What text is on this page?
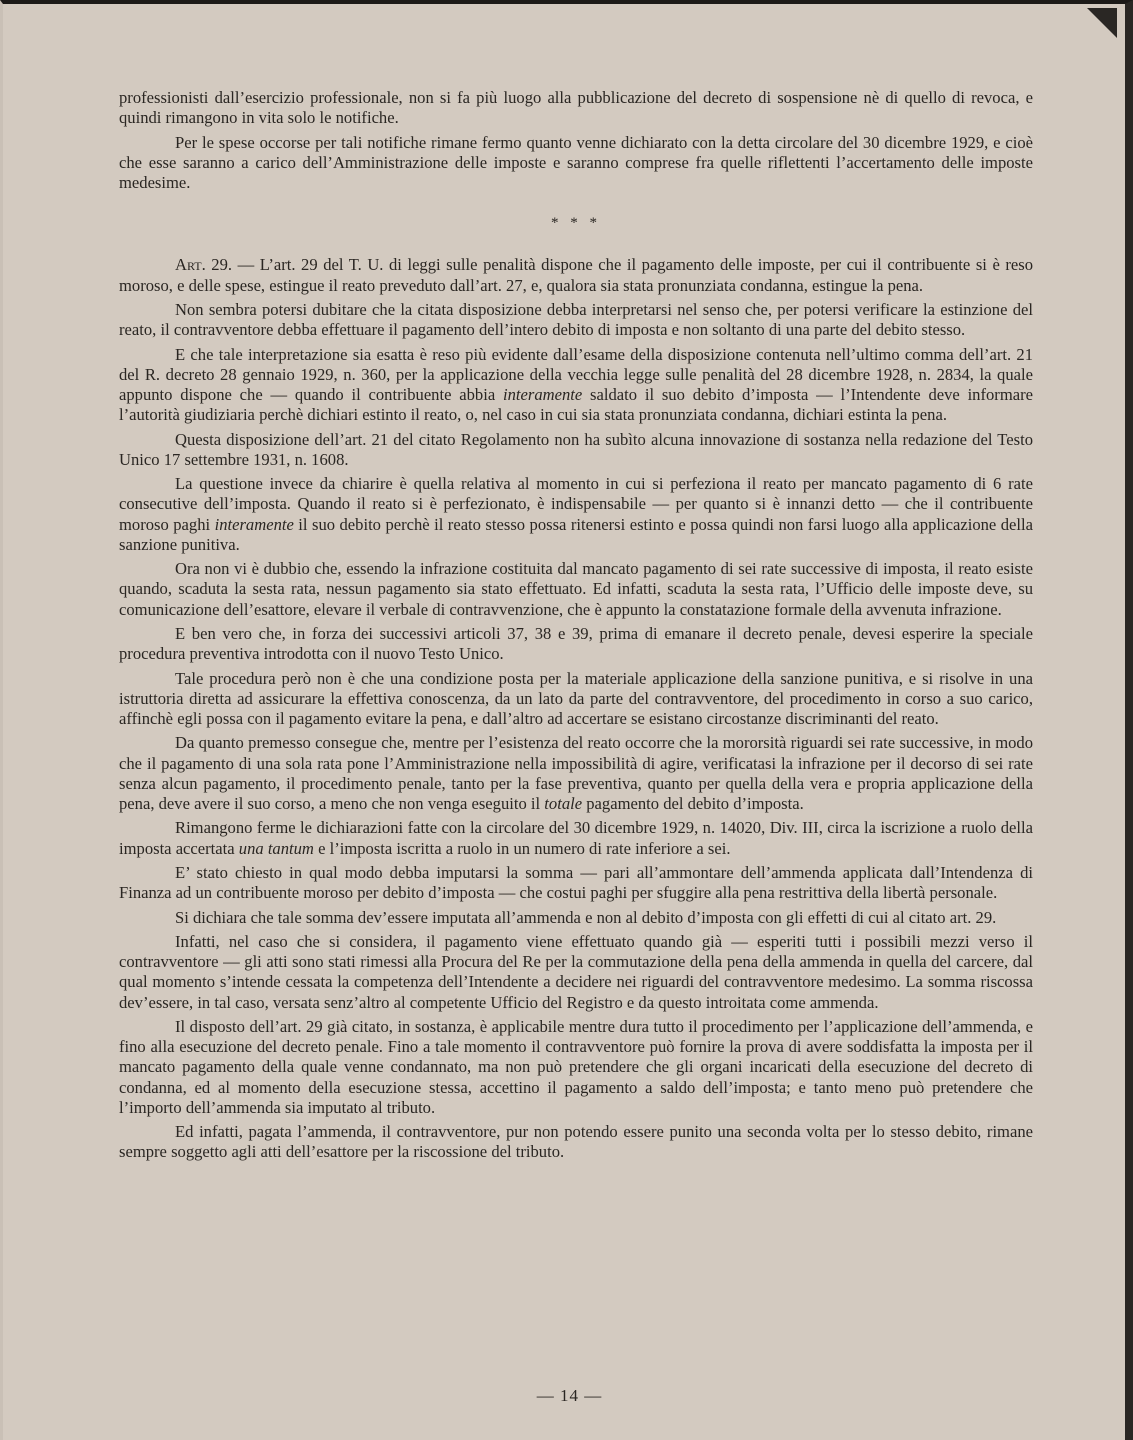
professionisti dall’esercizio professionale, non si fa più luogo alla pubblicazione del decreto di sospensione nè di quello di revoca, e quindi rimangono in vita solo le notifiche.

Per le spese occorse per tali notifiche rimane fermo quanto venne dichiarato con la detta circolare del 30 dicembre 1929, e cioè che esse saranno a carico dell’Amministrazione delle imposte e saranno comprese fra quelle riflettenti l’accertamento delle imposte medesime.

* * *

Art. 29. — L’art. 29 del T. U. di leggi sulle penalità dispone che il pagamento delle imposte, per cui il contribuente si è reso moroso, e delle spese, estingue il reato preveduto dall’art. 27, e, qualora sia stata pronunziata condanna, estingue la pena.

Non sembra potersi dubitare che la citata disposizione debba interpretarsi nel senso che, per potersi verificare la estinzione del reato, il contravventore debba effettuare il pagamento dell’intero debito di imposta e non soltanto di una parte del debito stesso.

E che tale interpretazione sia esatta è reso più evidente dall’esame della disposizione contenuta nell’ultimo comma dell’art. 21 del R. decreto 28 gennaio 1929, n. 360, per la applicazione della vecchia legge sulle penalità del 28 dicembre 1928, n. 2834, la quale appunto dispone che — quando il contribuente abbia interamente saldato il suo debito d’imposta — l’Intendente deve informare l’autorità giudiziaria perchè dichiari estinto il reato, o, nel caso in cui sia stata pronunziata condanna, dichiari estinta la pena.

Questa disposizione dell’art. 21 del citato Regolamento non ha subìto alcuna innovazione di sostanza nella redazione del Testo Unico 17 settembre 1931, n. 1608.

La questione invece da chiarire è quella relativa al momento in cui si perfeziona il reato per mancato pagamento di 6 rate consecutive dell’imposta. Quando il reato si è perfezionato, è indispensabile — per quanto si è innanzi detto — che il contribuente moroso paghi interamente il suo debito perchè il reato stesso possa ritenersi estinto e possa quindi non farsi luogo alla applicazione della sanzione punitiva.

Ora non vi è dubbio che, essendo la infrazione costituita dal mancato pagamento di sei rate successive di imposta, il reato esiste quando, scaduta la sesta rata, nessun pagamento sia stato effettuato. Ed infatti, scaduta la sesta rata, l’Ufficio delle imposte deve, su comunicazione dell’esattore, elevare il verbale di contravvenzione, che è appunto la constatazione formale della avvenuta infrazione.

E ben vero che, in forza dei successivi articoli 37, 38 e 39, prima di emanare il decreto penale, devesi esperire la speciale procedura preventiva introdotta con il nuovo Testo Unico.

Tale procedura però non è che una condizione posta per la materiale applicazione della sanzione punitiva, e si risolve in una istruttoria diretta ad assicurare la effettiva conoscenza, da un lato da parte del contravventore, del procedimento in corso a suo carico, affinchè egli possa con il pagamento evitare la pena, e dall’altro ad accertare se esistano circostanze discriminanti del reato.

Da quanto premesso consegue che, mentre per l’esistenza del reato occorre che la mororsità riguardi sei rate successive, in modo che il pagamento di una sola rata pone l’Amministrazione nella impossibilità di agire, verificatasi la infrazione per il decorso di sei rate senza alcun pagamento, il procedimento penale, tanto per la fase preventiva, quanto per quella della vera e propria applicazione della pena, deve avere il suo corso, a meno che non venga eseguito il totale pagamento del debito d’imposta.

Rimangono ferme le dichiarazioni fatte con la circolare del 30 dicembre 1929, n. 14020, Div. III, circa la iscrizione a ruolo della imposta accertata una tantum e l’imposta iscritta a ruolo in un numero di rate inferiore a sei.

E’ stato chiesto in qual modo debba imputarsi la somma — pari all’ammontare dell’ammenda applicata dall’Intendenza di Finanza ad un contribuente moroso per debito d’imposta — che costui paghi per sfuggire alla pena restrittiva della libertà personale.

Si dichiara che tale somma dev’essere imputata all’ammenda e non al debito d’imposta con gli effetti di cui al citato art. 29.

Infatti, nel caso che si considera, il pagamento viene effettuato quando già — esperiti tutti i possibili mezzi verso il contravventore — gli atti sono stati rimessi alla Procura del Re per la commutazione della pena della ammenda in quella del carcere, dal qual momento s’intende cessata la competenza dell’Intendente a decidere nei riguardi del contravventore medesimo. La somma riscossa dev’essere, in tal caso, versata senz’altro al competente Ufficio del Registro e da questo introitata come ammenda.

Il disposto dell’art. 29 già citato, in sostanza, è applicabile mentre dura tutto il procedimento per l’applicazione dell’ammenda, e fino alla esecuzione del decreto penale. Fino a tale momento il contravventore può fornire la prova di avere soddisfatta la imposta per il mancato pagamento della quale venne condannato, ma non può pretendere che gli organi incaricati della esecuzione del decreto di condanna, ed al momento della esecuzione stessa, accettino il pagamento a saldo dell’imposta; e tanto meno può pretendere che l’importo dell’ammenda sia imputato al tributo.

Ed infatti, pagata l’ammenda, il contravventore, pur non potendo essere punito una seconda volta per lo stesso debito, rimane sempre soggetto agli atti dell’esattore per la riscossione del tributo.

— 14 —
